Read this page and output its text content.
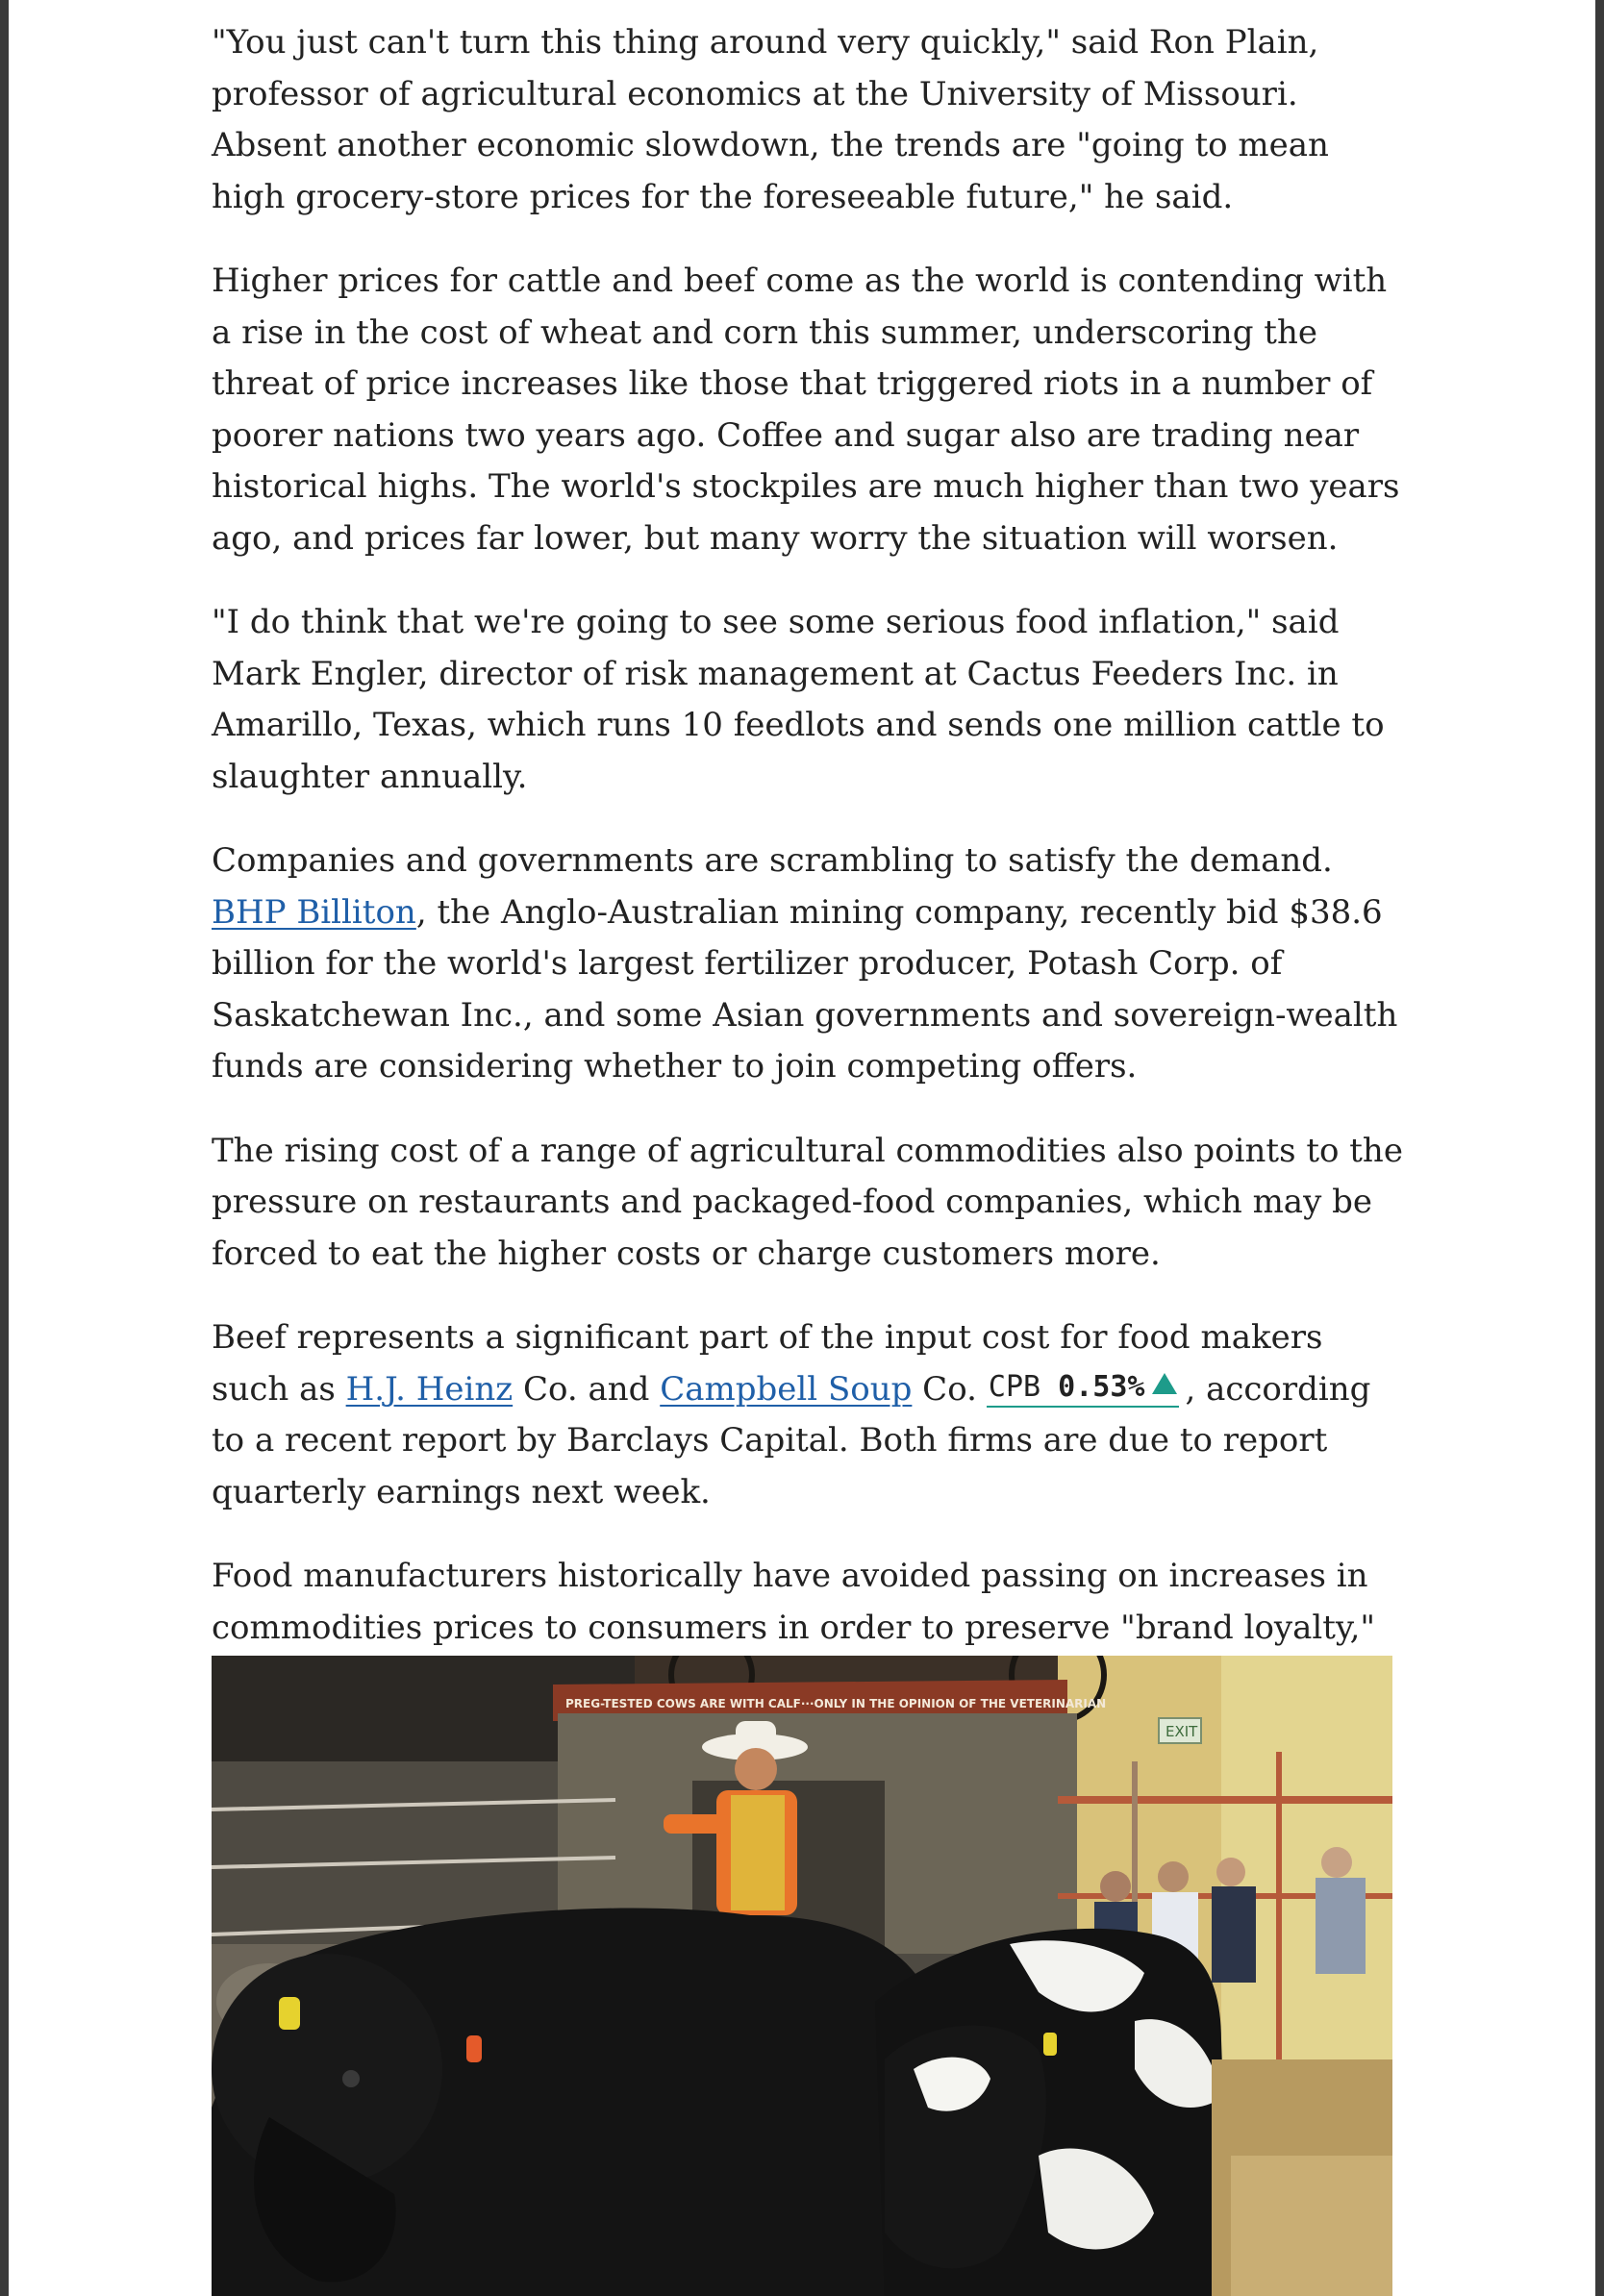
"You just can't turn this thing around very quickly," said Ron Plain, professor of agricultural economics at the University of Missouri. Absent another economic slowdown, the trends are "going to mean high grocery-store prices for the foreseeable future," he said.

Higher prices for cattle and beef come as the world is contending with a rise in the cost of wheat and corn this summer, underscoring the threat of price increases like those that triggered riots in a number of poorer nations two years ago. Coffee and sugar also are trading near historical highs. The world's stockpiles are much higher than two years ago, and prices far lower, but many worry the situation will worsen.

"I do think that we're going to see some serious food inflation," said Mark Engler, director of risk management at Cactus Feeders Inc. in Amarillo, Texas, which runs 10 feedlots and sends one million cattle to slaughter annually.

Companies and governments are scrambling to satisfy the demand. BHP Billiton, the Anglo-Australian mining company, recently bid $38.6 billion for the world's largest fertilizer producer, Potash Corp. of Saskatchewan Inc., and some Asian governments and sovereign-wealth funds are considering whether to join competing offers.

The rising cost of a range of agricultural commodities also points to the pressure on restaurants and packaged-food companies, which may be forced to eat the higher costs or charge customers more.

Beef represents a significant part of the input cost for food makers such as H.J. Heinz Co. and Campbell Soup Co. CPB 0.53% , according to a recent report by Barclays Capital. Both firms are due to report quarterly earnings next week.

Food manufacturers historically have avoided passing on increases in commodities prices to consumers in order to preserve "brand loyalty,"

PREG-TESTED COWS ARE WITH CALF···ONLY IN THE OPINION OF THE VETERINARIAN
EXIT
